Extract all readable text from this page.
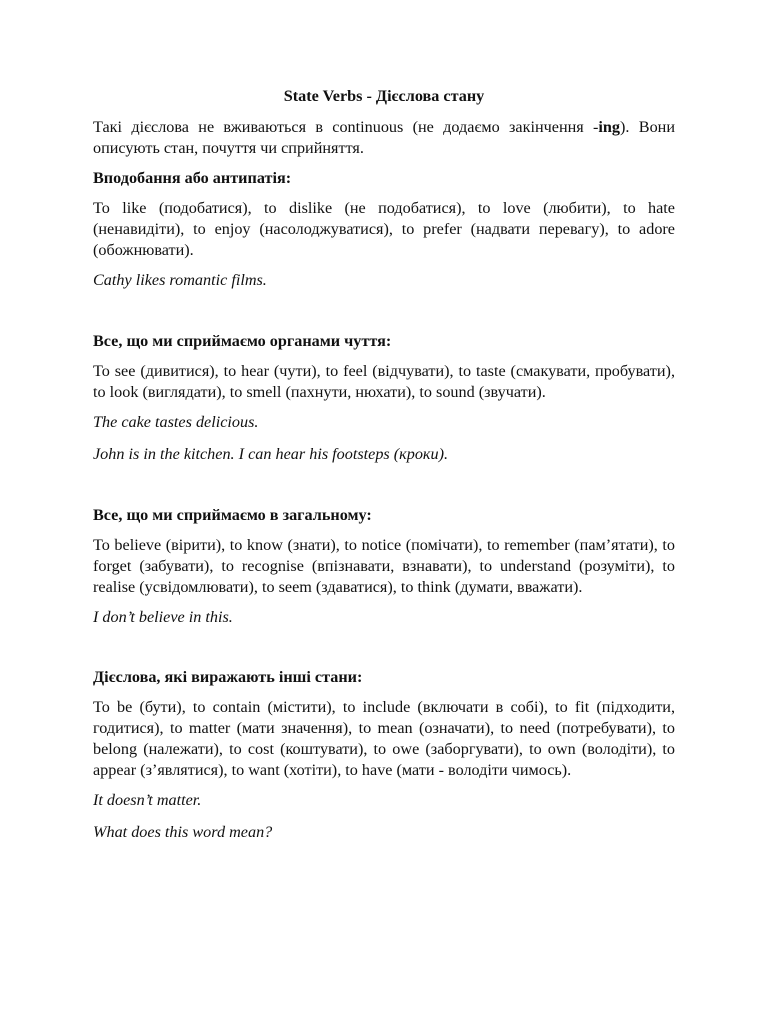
State Verbs - Дієслова стану

Такі дієслова не вживаються в continuous (не додаємо закінчення -ing). Вони описують стан, почуття чи сприйняття.

Вподобання або антипатія:

To like (подобатися), to dislike (не подобатися), to love (любити), to hate (ненавидіти), to enjoy (насолоджуватися), to prefer (надвати перевагу), to adore (обожнювати).

Cathy likes romantic films.

Все, що ми сприймаємо органами чуття:

To see (дивитися), to hear (чути), to feel (відчувати), to taste (смакувати, пробувати), to look (виглядати), to smell (пахнути, нюхати), to sound (звучати).

The cake tastes delicious.

John is in the kitchen. I can hear his footsteps (кроки).

Все, що ми сприймаємо в загальному:

To believe (вірити), to know (знати), to notice (помічати), to remember (пам’ятати), to forget (забувати), to recognise (впізнавати, взнавати), to understand (розуміти), to realise (усвідомлювати), to seem (здаватися), to think (думати, вважати).

I don’t believe in this.

Дієслова, які виражають інші стани:

To be (бути), to contain (містити), to include (включати в собі), to fit (підходити, годитися), to matter (мати значення), to mean (означати), to need (потребувати), to belong (належати), to cost (коштувати), to owe (заборгувати), to own (володіти), to appear (з’являтися), to want (хотіти), to have (мати - володіти чимось).

It doesn’t matter.

What does this word mean?
